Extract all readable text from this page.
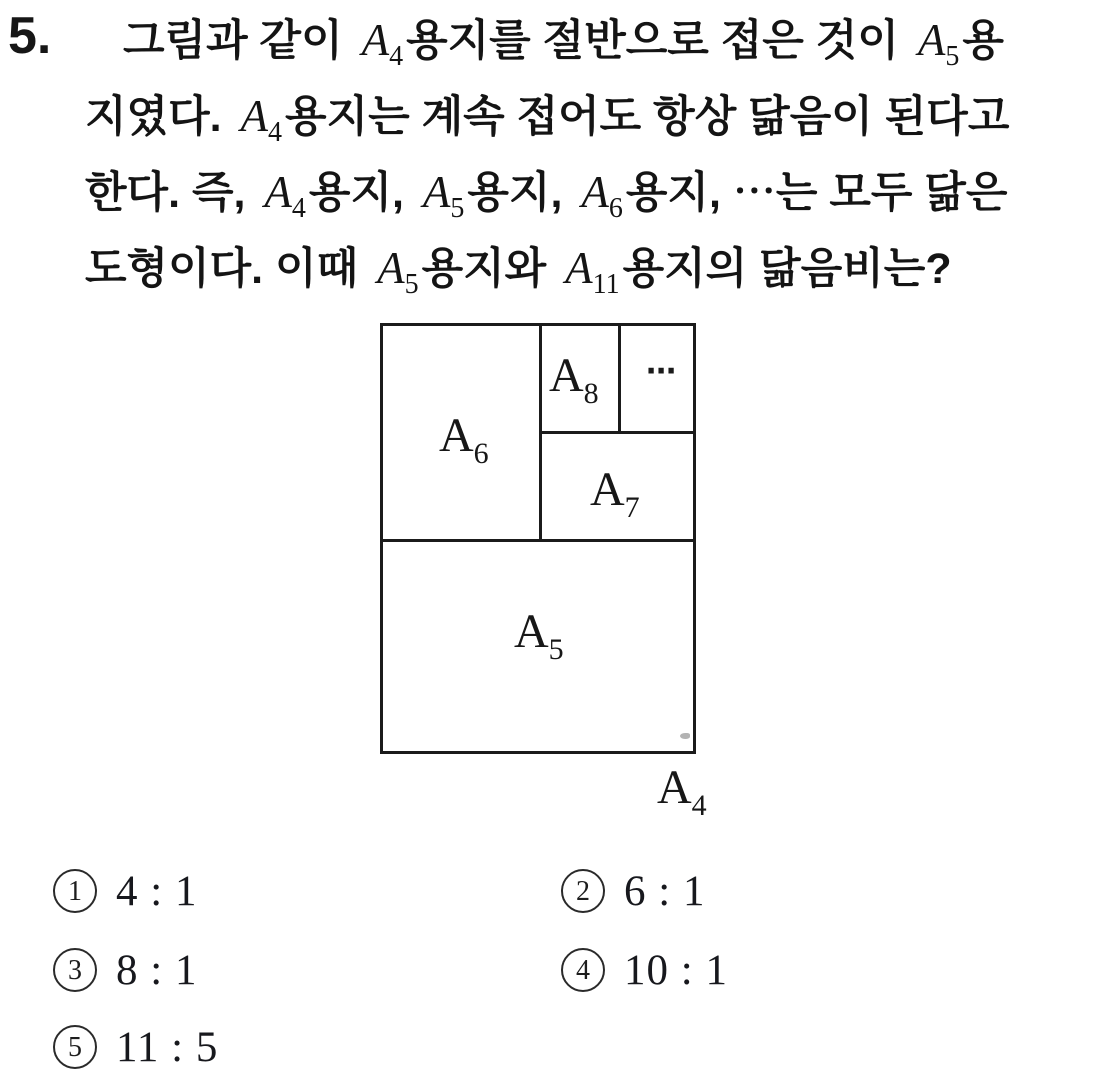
5.	그림과 같이 A4용지를 절반으로 접은 것이 A5용
지였다. A4용지는 계속 접어도 항상 닮음이 된다고
한다. 즉, A4용지, A5용지, A6용지, ⋯는 모두 닮은
도형이다. 이때 A5용지와 A11용지의 닮음비는?
$A_6$
$A_8$
⋯
$A_7$
$A_5$
$A_4$
1 4 : 1	2 6 : 1
3 8 : 1	4 10 : 1
5 11 : 5
